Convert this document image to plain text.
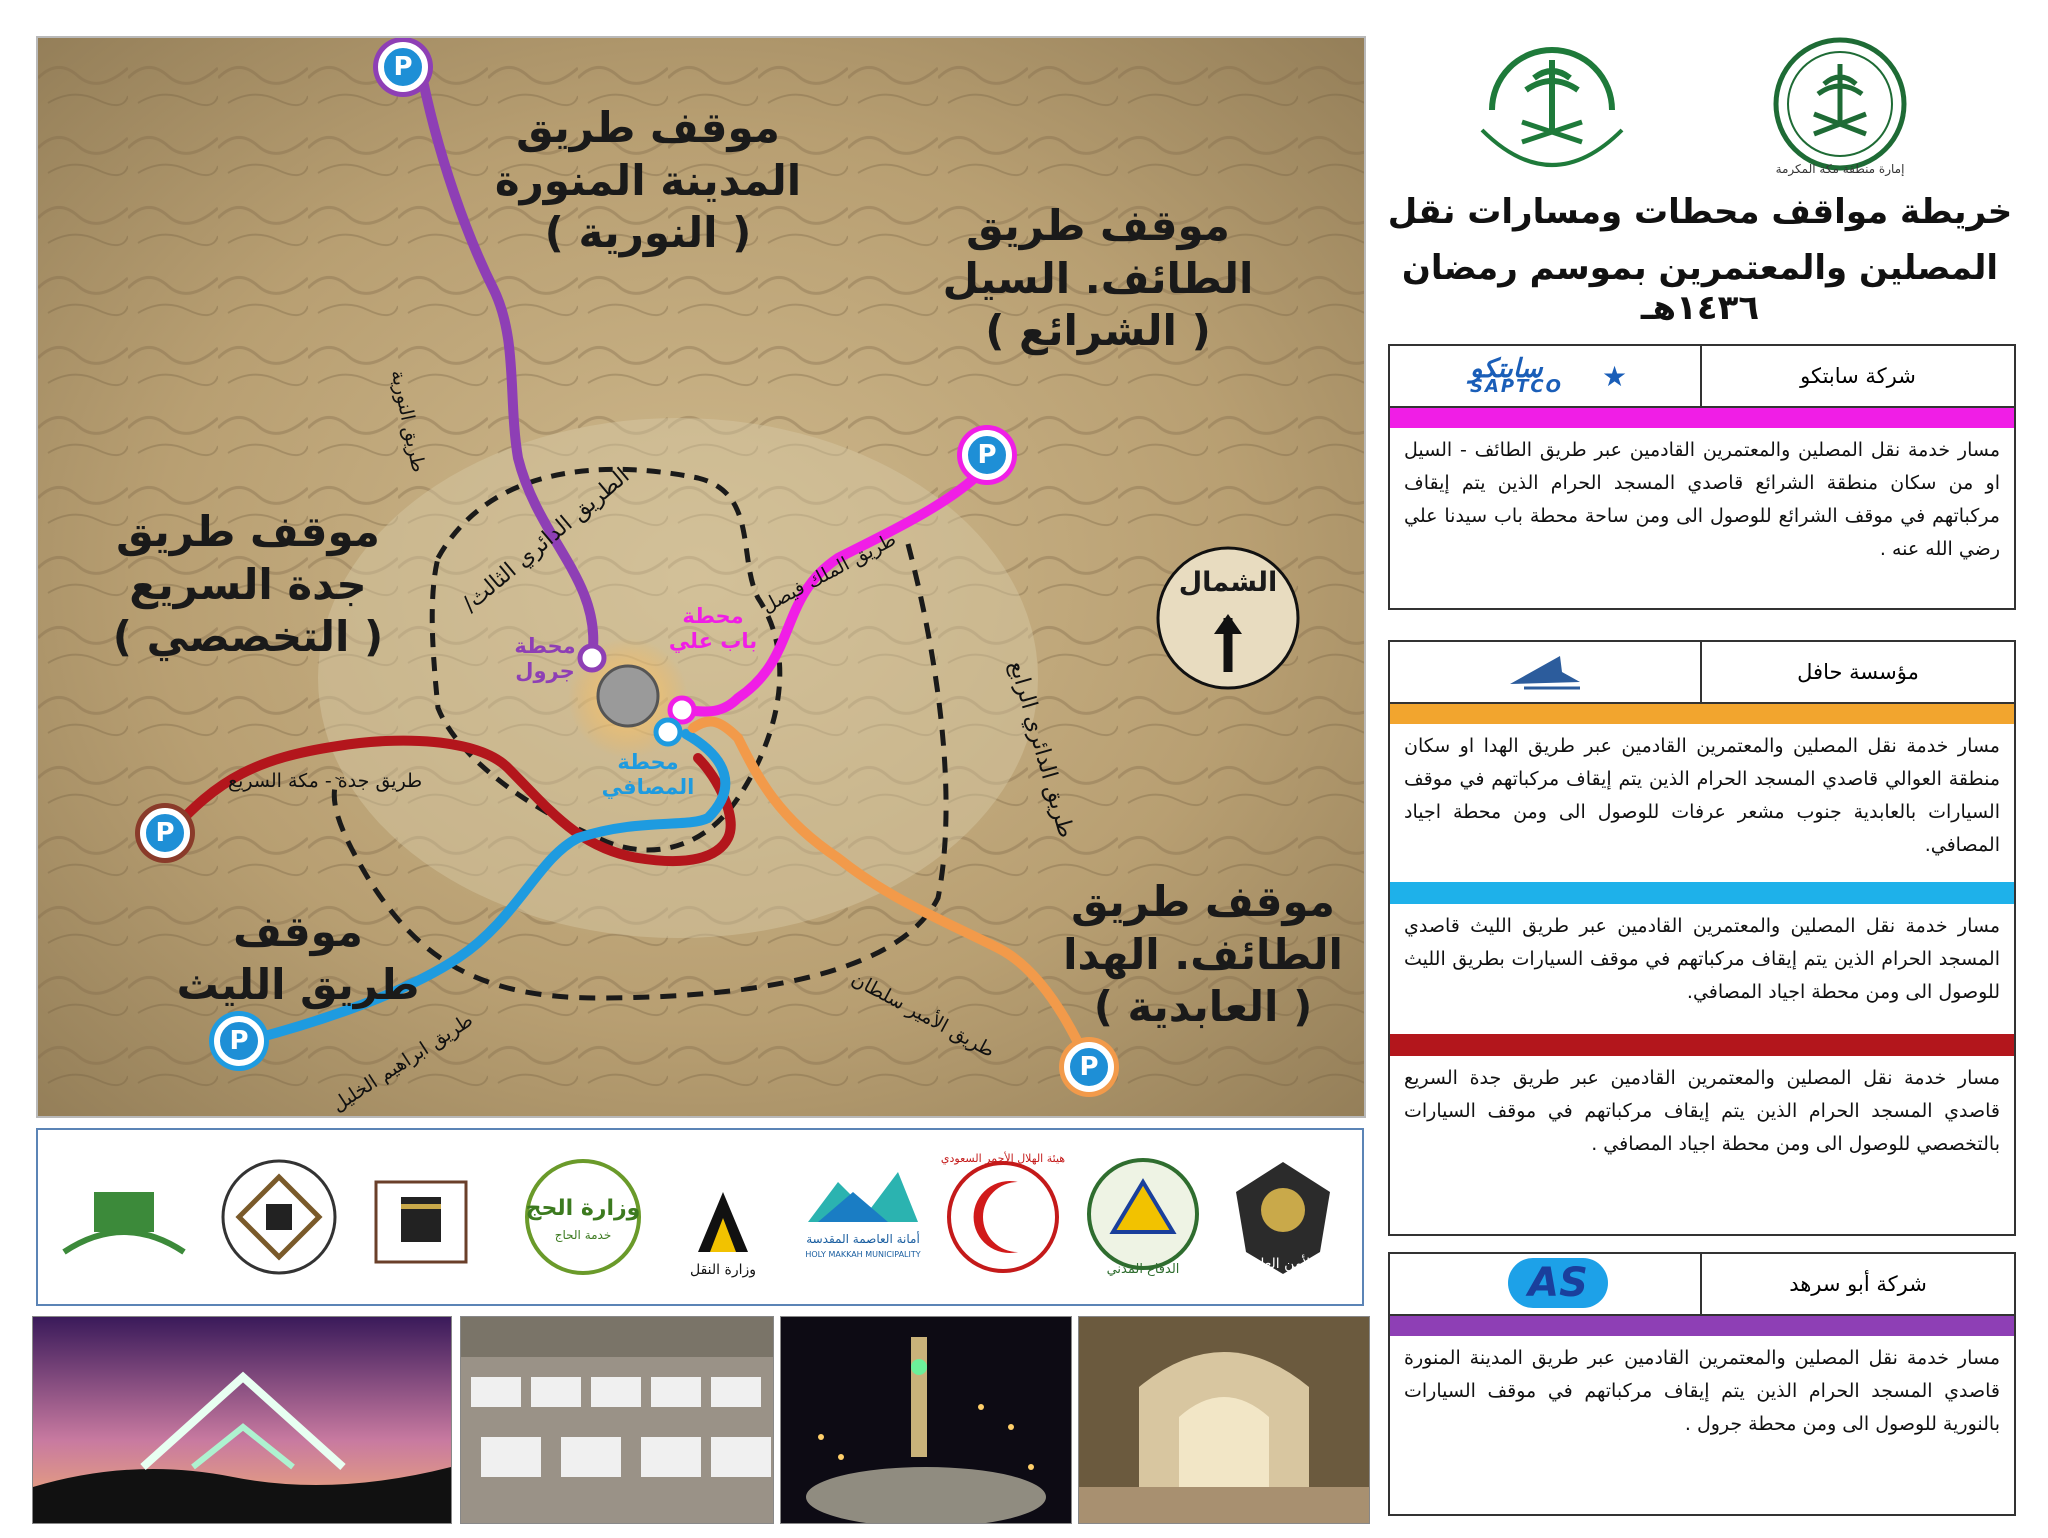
P
P
P
P
P
موقف طريق
المدينة المنورة
( النورية )	موقف طريق
الطائف. السيل
( الشرائع )
موقف طريق
جدة السريع
( التخصصي )
موقف
طريق الليث
موقف طريق
الطائف. الهدا
( العابدية )
طريق النورية
الطريق الدائري الثالث/	طريق الملك فيصل
طريق الدائري الرابع
طريق جدة - مكة السريع
طريق ابراهيم الخليل	طريق الأمير سلطان
محطة
جرول
محطة
باب علي
محطة
المصافي
الشمال
إمارة منطقة مكة المكرمة
خريطة مواقف محطات ومسارات نقل
المصلين والمعتمرين بموسم رمضان ١٤٣٦هـ
شركة سابتكو
سابتكو
SAPTCO ★
مسار خدمة نقل المصلين والمعتمرين القادمين عبر طريق الطائف - السيل او من سكان منطقة الشرائع قاصدي المسجد الحرام الذين يتم إيقاف مركباتهم في موقف الشرائع للوصول الى ومن ساحة محطة باب سيدنا علي رضي الله عنه .
مؤسسة حافل
مسار خدمة نقل المصلين والمعتمرين القادمين عبر طريق الهدا او سكان منطقة العوالي قاصدي المسجد الحرام الذين يتم إيقاف مركباتهم في موقف السيارات بالعابدية جنوب مشعر عرفات للوصول الى ومن محطة اجياد المصافي.
مسار خدمة نقل المصلين والمعتمرين القادمين عبر طريق الليث قاصدي المسجد الحرام الذين يتم إيقاف مركباتهم في موقف السيارات بطريق الليث للوصول الى ومن محطة اجياد المصافي.
مسار خدمة نقل المصلين والمعتمرين القادمين عبر طريق جدة السريع قاصدي المسجد الحرام الذين يتم إيقاف مركباتهم في موقف السيارات بالتخصصي للوصول الى ومن محطة اجياد المصافي .
شركة أبو سرهد
AS
مسار خدمة نقل المصلين والمعتمرين القادمين عبر طريق المدينة المنورة قاصدي المسجد الحرام الذين يتم إيقاف مركباتهم في موقف السيارات بالنورية للوصول الى ومن محطة جرول .
الأمن العام
الدفاع المدني
هيئة الهلال الأحمر السعودي
أمانة العاصمة المقدسة
HOLY MAKKAH MUNICIPALITY
وزارة النقل
وزارة الحج
خدمة الحاج
